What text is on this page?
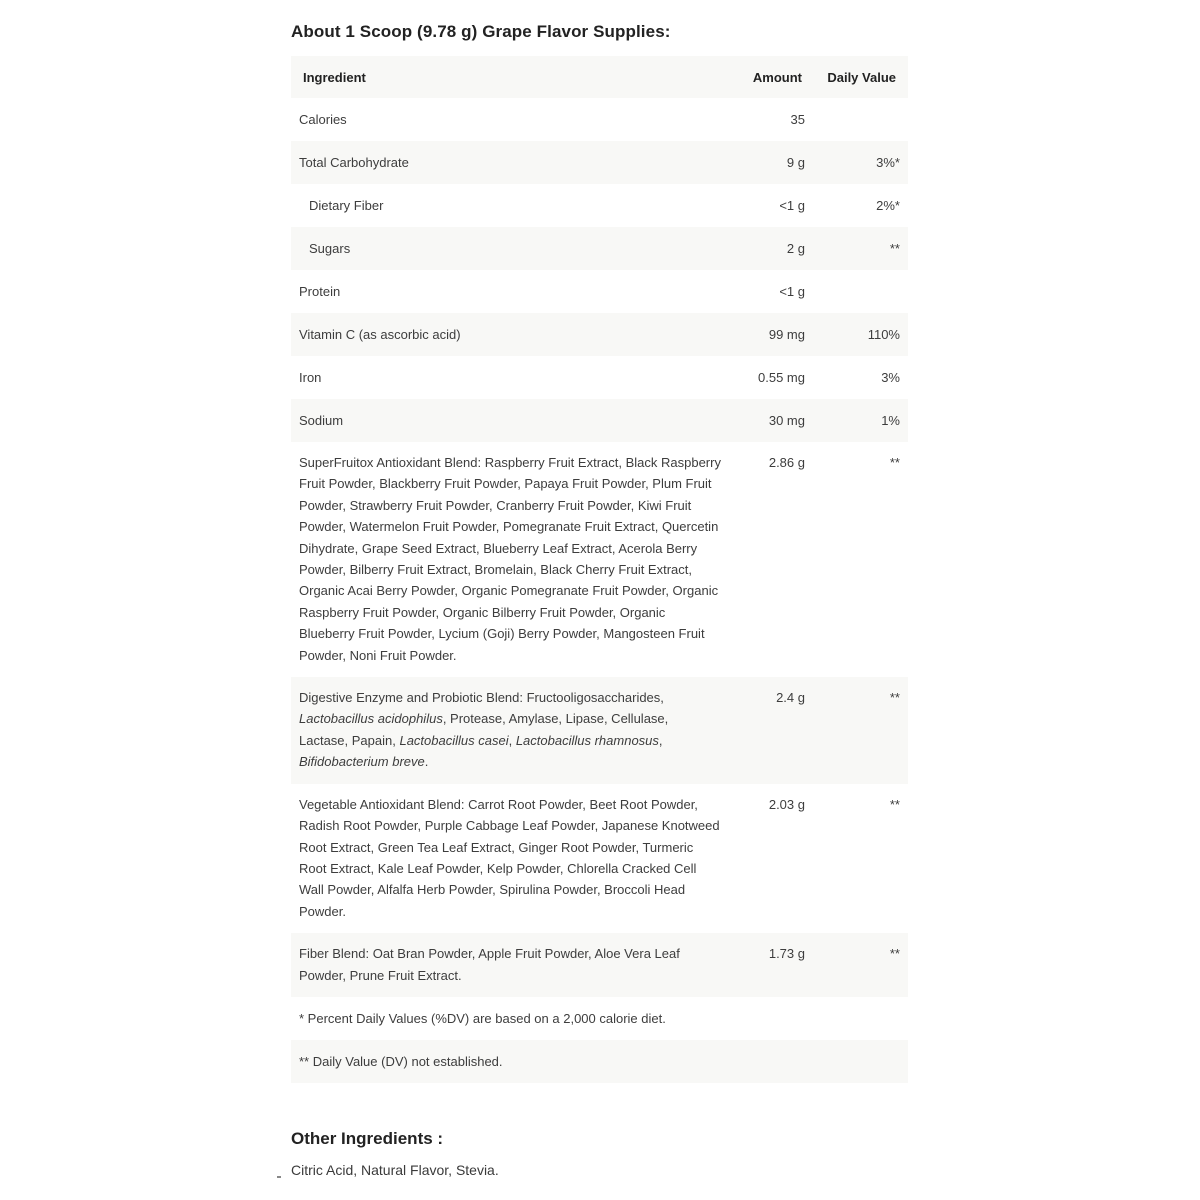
About 1 Scoop (9.78 g) Grape Flavor Supplies:
Ingredient	Amount	Daily Value
Calories	35	
Total Carbohydrate	9 g	3%*
Dietary Fiber	<1 g	2%*
Sugars	2 g	**
Protein	<1 g	
Vitamin C (as ascorbic acid)	99 mg	110%
Iron	0.55 mg	3%
Sodium	30 mg	1%
SuperFruitox Antioxidant Blend: Raspberry Fruit Extract, Black Raspberry Fruit Powder, Blackberry Fruit Powder, Papaya Fruit Powder, Plum Fruit Powder, Strawberry Fruit Powder, Cranberry Fruit Powder, Kiwi Fruit Powder, Watermelon Fruit Powder, Pomegranate Fruit Extract, Quercetin Dihydrate, Grape Seed Extract, Blueberry Leaf Extract, Acerola Berry Powder, Bilberry Fruit Extract, Bromelain, Black Cherry Fruit Extract, Organic Acai Berry Powder, Organic Pomegranate Fruit Powder, Organic Raspberry Fruit Powder, Organic Bilberry Fruit Powder, Organic Blueberry Fruit Powder, Lycium (Goji) Berry Powder, Mangosteen Fruit Powder, Noni Fruit Powder.	2.86 g	**
Digestive Enzyme and Probiotic Blend: Fructooligosaccharides, Lactobacillus acidophilus, Protease, Amylase, Lipase, Cellulase, Lactase, Papain, Lactobacillus casei, Lactobacillus rhamnosus, Bifidobacterium breve.	2.4 g	**
Vegetable Antioxidant Blend: Carrot Root Powder, Beet Root Powder, Radish Root Powder, Purple Cabbage Leaf Powder, Japanese Knotweed Root Extract, Green Tea Leaf Extract, Ginger Root Powder, Turmeric Root Extract, Kale Leaf Powder, Kelp Powder, Chlorella Cracked Cell Wall Powder, Alfalfa Herb Powder, Spirulina Powder, Broccoli Head Powder.	2.03 g	**
Fiber Blend: Oat Bran Powder, Apple Fruit Powder, Aloe Vera Leaf Powder, Prune Fruit Extract.	1.73 g	**
* Percent Daily Values (%DV) are based on a 2,000 calorie diet.		
** Daily Value (DV) not established.		
Other Ingredients :
Citric Acid, Natural Flavor, Stevia.
